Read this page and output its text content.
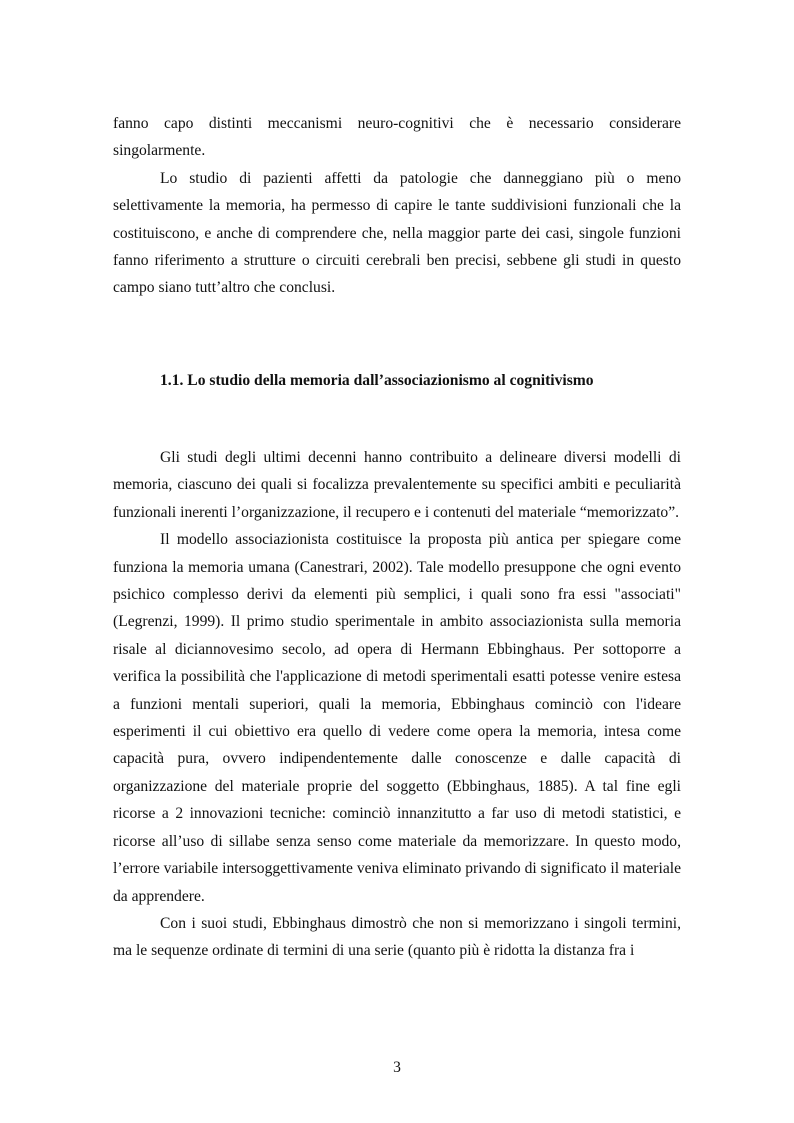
fanno capo distinti meccanismi neuro-cognitivi che è necessario considerare singolarmente.

Lo studio di pazienti affetti da patologie che danneggiano più o meno selettivamente la memoria, ha permesso di capire le tante suddivisioni funzionali che la costituiscono, e anche di comprendere che, nella maggior parte dei casi, singole funzioni fanno riferimento a strutture o circuiti cerebrali ben precisi, sebbene gli studi in questo campo siano tutt’altro che conclusi.

1.1. Lo studio della memoria dall’associazionismo al cognitivismo

Gli studi degli ultimi decenni hanno contribuito a delineare diversi modelli di memoria, ciascuno dei quali si focalizza prevalentemente su specifici ambiti e peculiarità funzionali inerenti l’organizzazione, il recupero e i contenuti del materiale “memorizzato”.

Il modello associazionista costituisce la proposta più antica per spiegare come funziona la memoria umana (Canestrari, 2002). Tale modello presuppone che ogni evento psichico complesso derivi da elementi più semplici, i quali sono fra essi "associati" (Legrenzi, 1999). Il primo studio sperimentale in ambito associazionista sulla memoria risale al diciannovesimo secolo, ad opera di Hermann Ebbinghaus. Per sottoporre a verifica la possibilità che l'applicazione di metodi sperimentali esatti potesse venire estesa a funzioni mentali superiori, quali la memoria, Ebbinghaus cominciò con l'ideare esperimenti il cui obiettivo era quello di vedere come opera la memoria, intesa come capacità pura, ovvero indipendentemente dalle conoscenze e dalle capacità di organizzazione del materiale proprie del soggetto (Ebbinghaus, 1885). A tal fine egli ricorse a 2 innovazioni tecniche: cominciò innanzitutto a far uso di metodi statistici, e ricorse all’uso di sillabe senza senso come materiale da memorizzare. In questo modo, l’errore variabile intersoggettivamente veniva eliminato privando di significato il materiale da apprendere.

Con i suoi studi, Ebbinghaus dimostrò che non si memorizzano i singoli termini, ma le sequenze ordinate di termini di una serie (quanto più è ridotta la distanza fra i

3
